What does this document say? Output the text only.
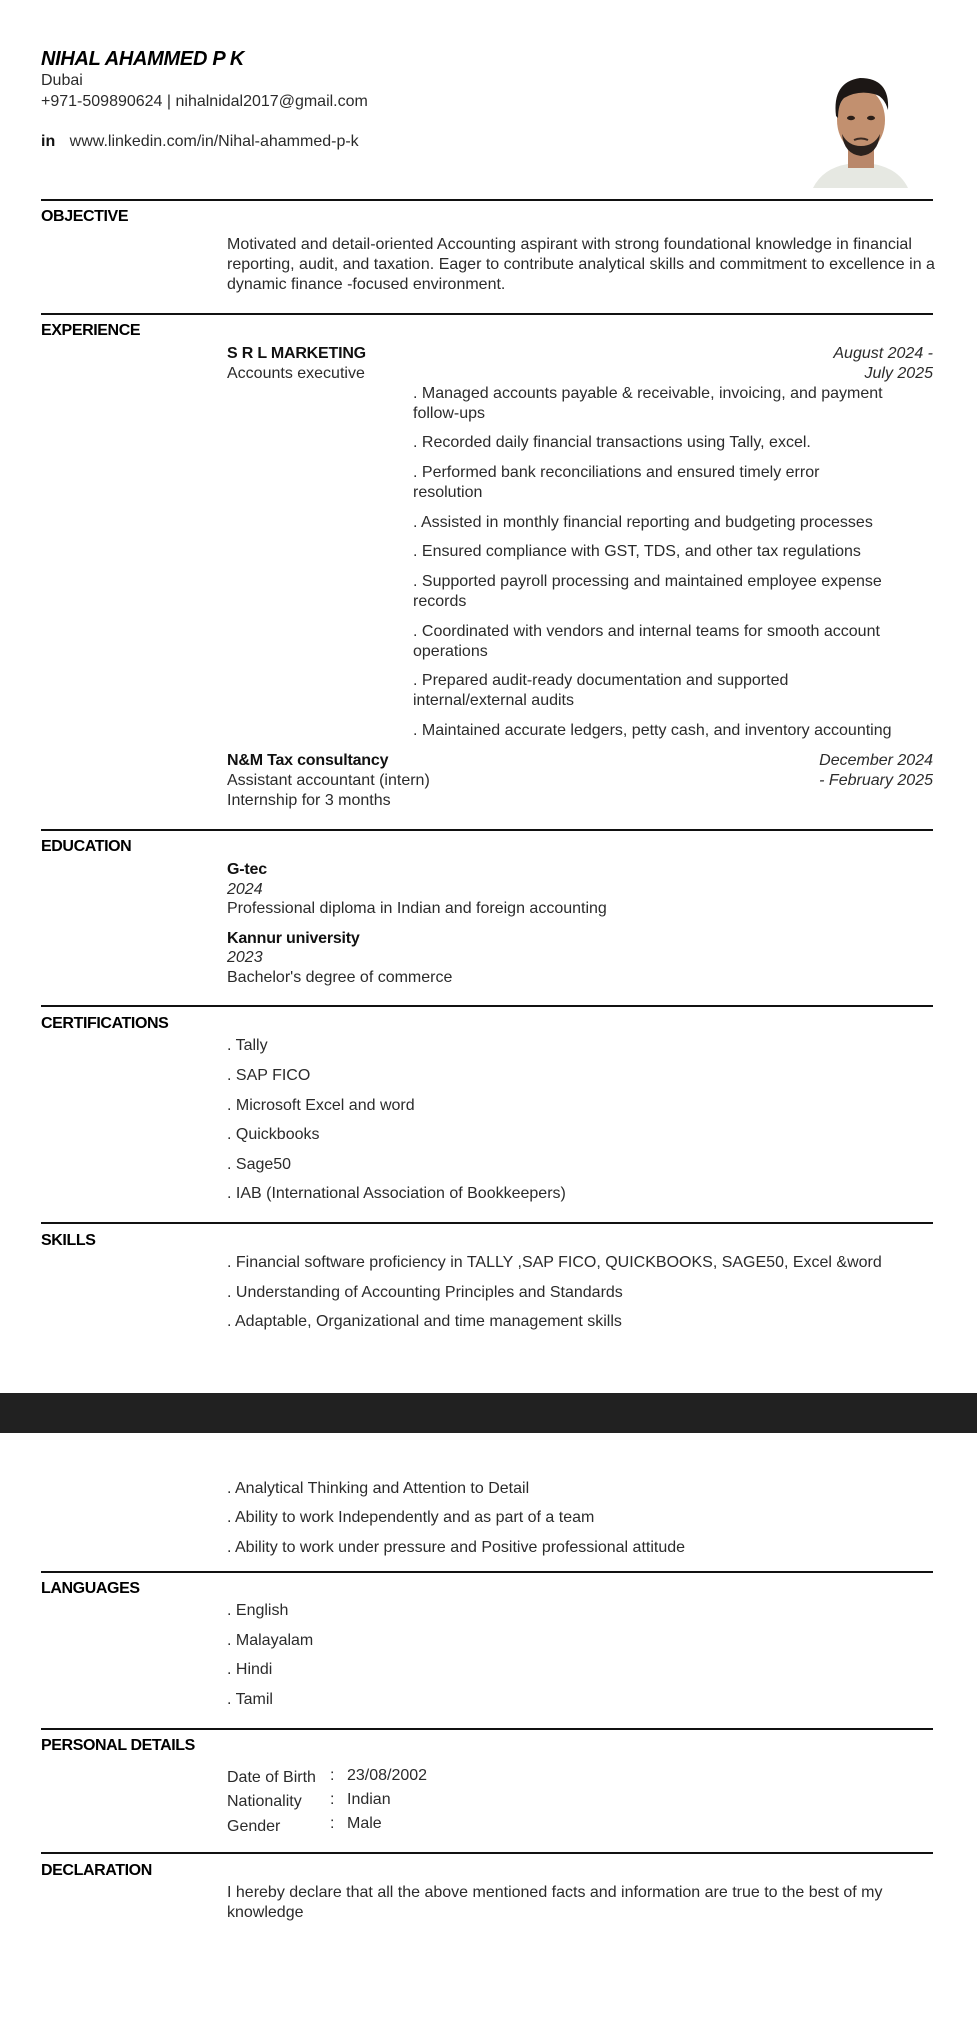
NIHAL AHAMMED P K
Dubai
+971-509890624 | nihalnidal2017@gmail.com
in www.linkedin.com/in/Nihal-ahammed-p-k
OBJECTIVE
Motivated and detail-oriented Accounting aspirant with strong foundational knowledge in financial reporting, audit, and taxation. Eager to contribute analytical skills and commitment to excellence in a dynamic finance -focused environment.
EXPERIENCE
S R L MARKETING
Accounts executive
August 2024 -
July 2025
. Managed accounts payable & receivable, invoicing, and payment follow-ups
. Recorded daily financial transactions using Tally, excel.
. Performed bank reconciliations and ensured timely error resolution
. Assisted in monthly financial reporting and budgeting processes
. Ensured compliance with GST, TDS, and other tax regulations
. Supported payroll processing and maintained employee expense records
. Coordinated with vendors and internal teams for smooth account operations
. Prepared audit-ready documentation and supported internal/external audits
. Maintained accurate ledgers, petty cash, and inventory accounting
N&M Tax consultancy
Assistant accountant (intern)
Internship for 3 months
December 2024
- February 2025
EDUCATION
G-tec
2024
Professional diploma in Indian and foreign accounting
Kannur university
2023
Bachelor's degree of commerce
CERTIFICATIONS
. Tally
. SAP FICO
. Microsoft Excel and word
. Quickbooks
. Sage50
. IAB (International Association of Bookkeepers)
SKILLS
. Financial software proficiency in TALLY ,SAP FICO, QUICKBOOKS, SAGE50, Excel &word
. Understanding of Accounting Principles and Standards
. Adaptable, Organizational and time management skills
. Analytical Thinking and Attention to Detail
. Ability to work Independently and as part of a team
. Ability to work under pressure and Positive professional attitude
LANGUAGES
. English
. Malayalam
. Hindi
. Tamil
PERSONAL DETAILS
Date of Birth : 23/08/2002
Nationality : Indian
Gender	: Male
DECLARATION
I hereby declare that all the above mentioned facts and information are true to the best of my knowledge
